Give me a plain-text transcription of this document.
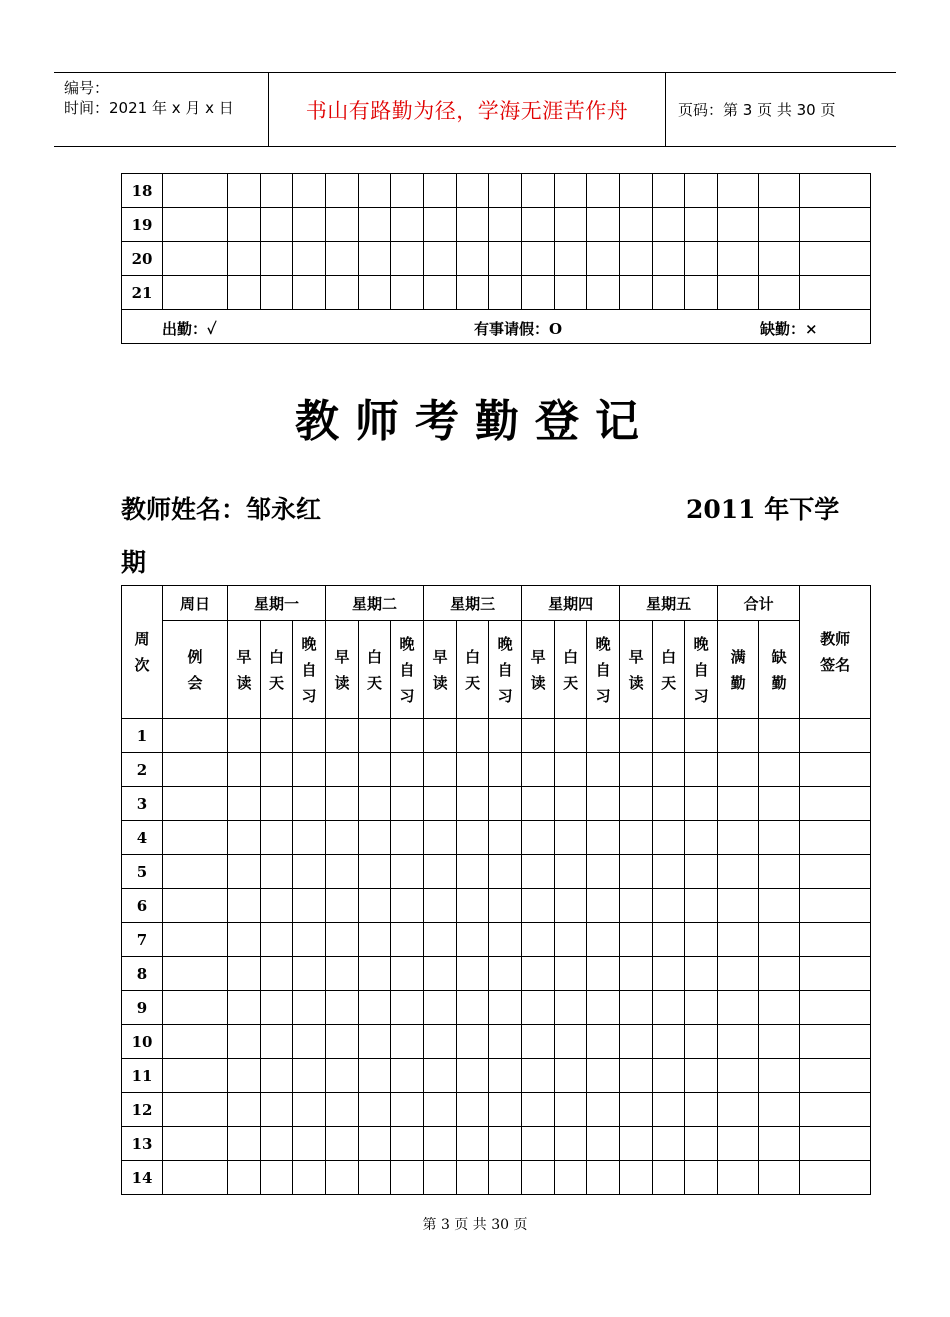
编号：
时间：2021 年 x 月 x 日	书山有路勤为径，学海无涯苦作舟	页码：第 3 页 共 30 页
18																			
19																			
20																			
21																			

出勤：✓ 有事请假：O 缺勤：×																			
教师考勤登记
教师姓名：邹永红	2011 年下学
期
周次	周日	星期一			星期二			星期三			星期四			星期五			合计		教师签名
	例会	早读	白天	晚自习	早读	白天	晚自习	早读	白天	晚自习	早读	白天	晚自习	早读	白天	晚自习	满勤	缺勤	
1																			
2																			
3																			
4																			
5																			
6																			
7																			
8																			
9																			
10																			
11																			
12																			
13																			
14																			
第 3 页 共 30 页
